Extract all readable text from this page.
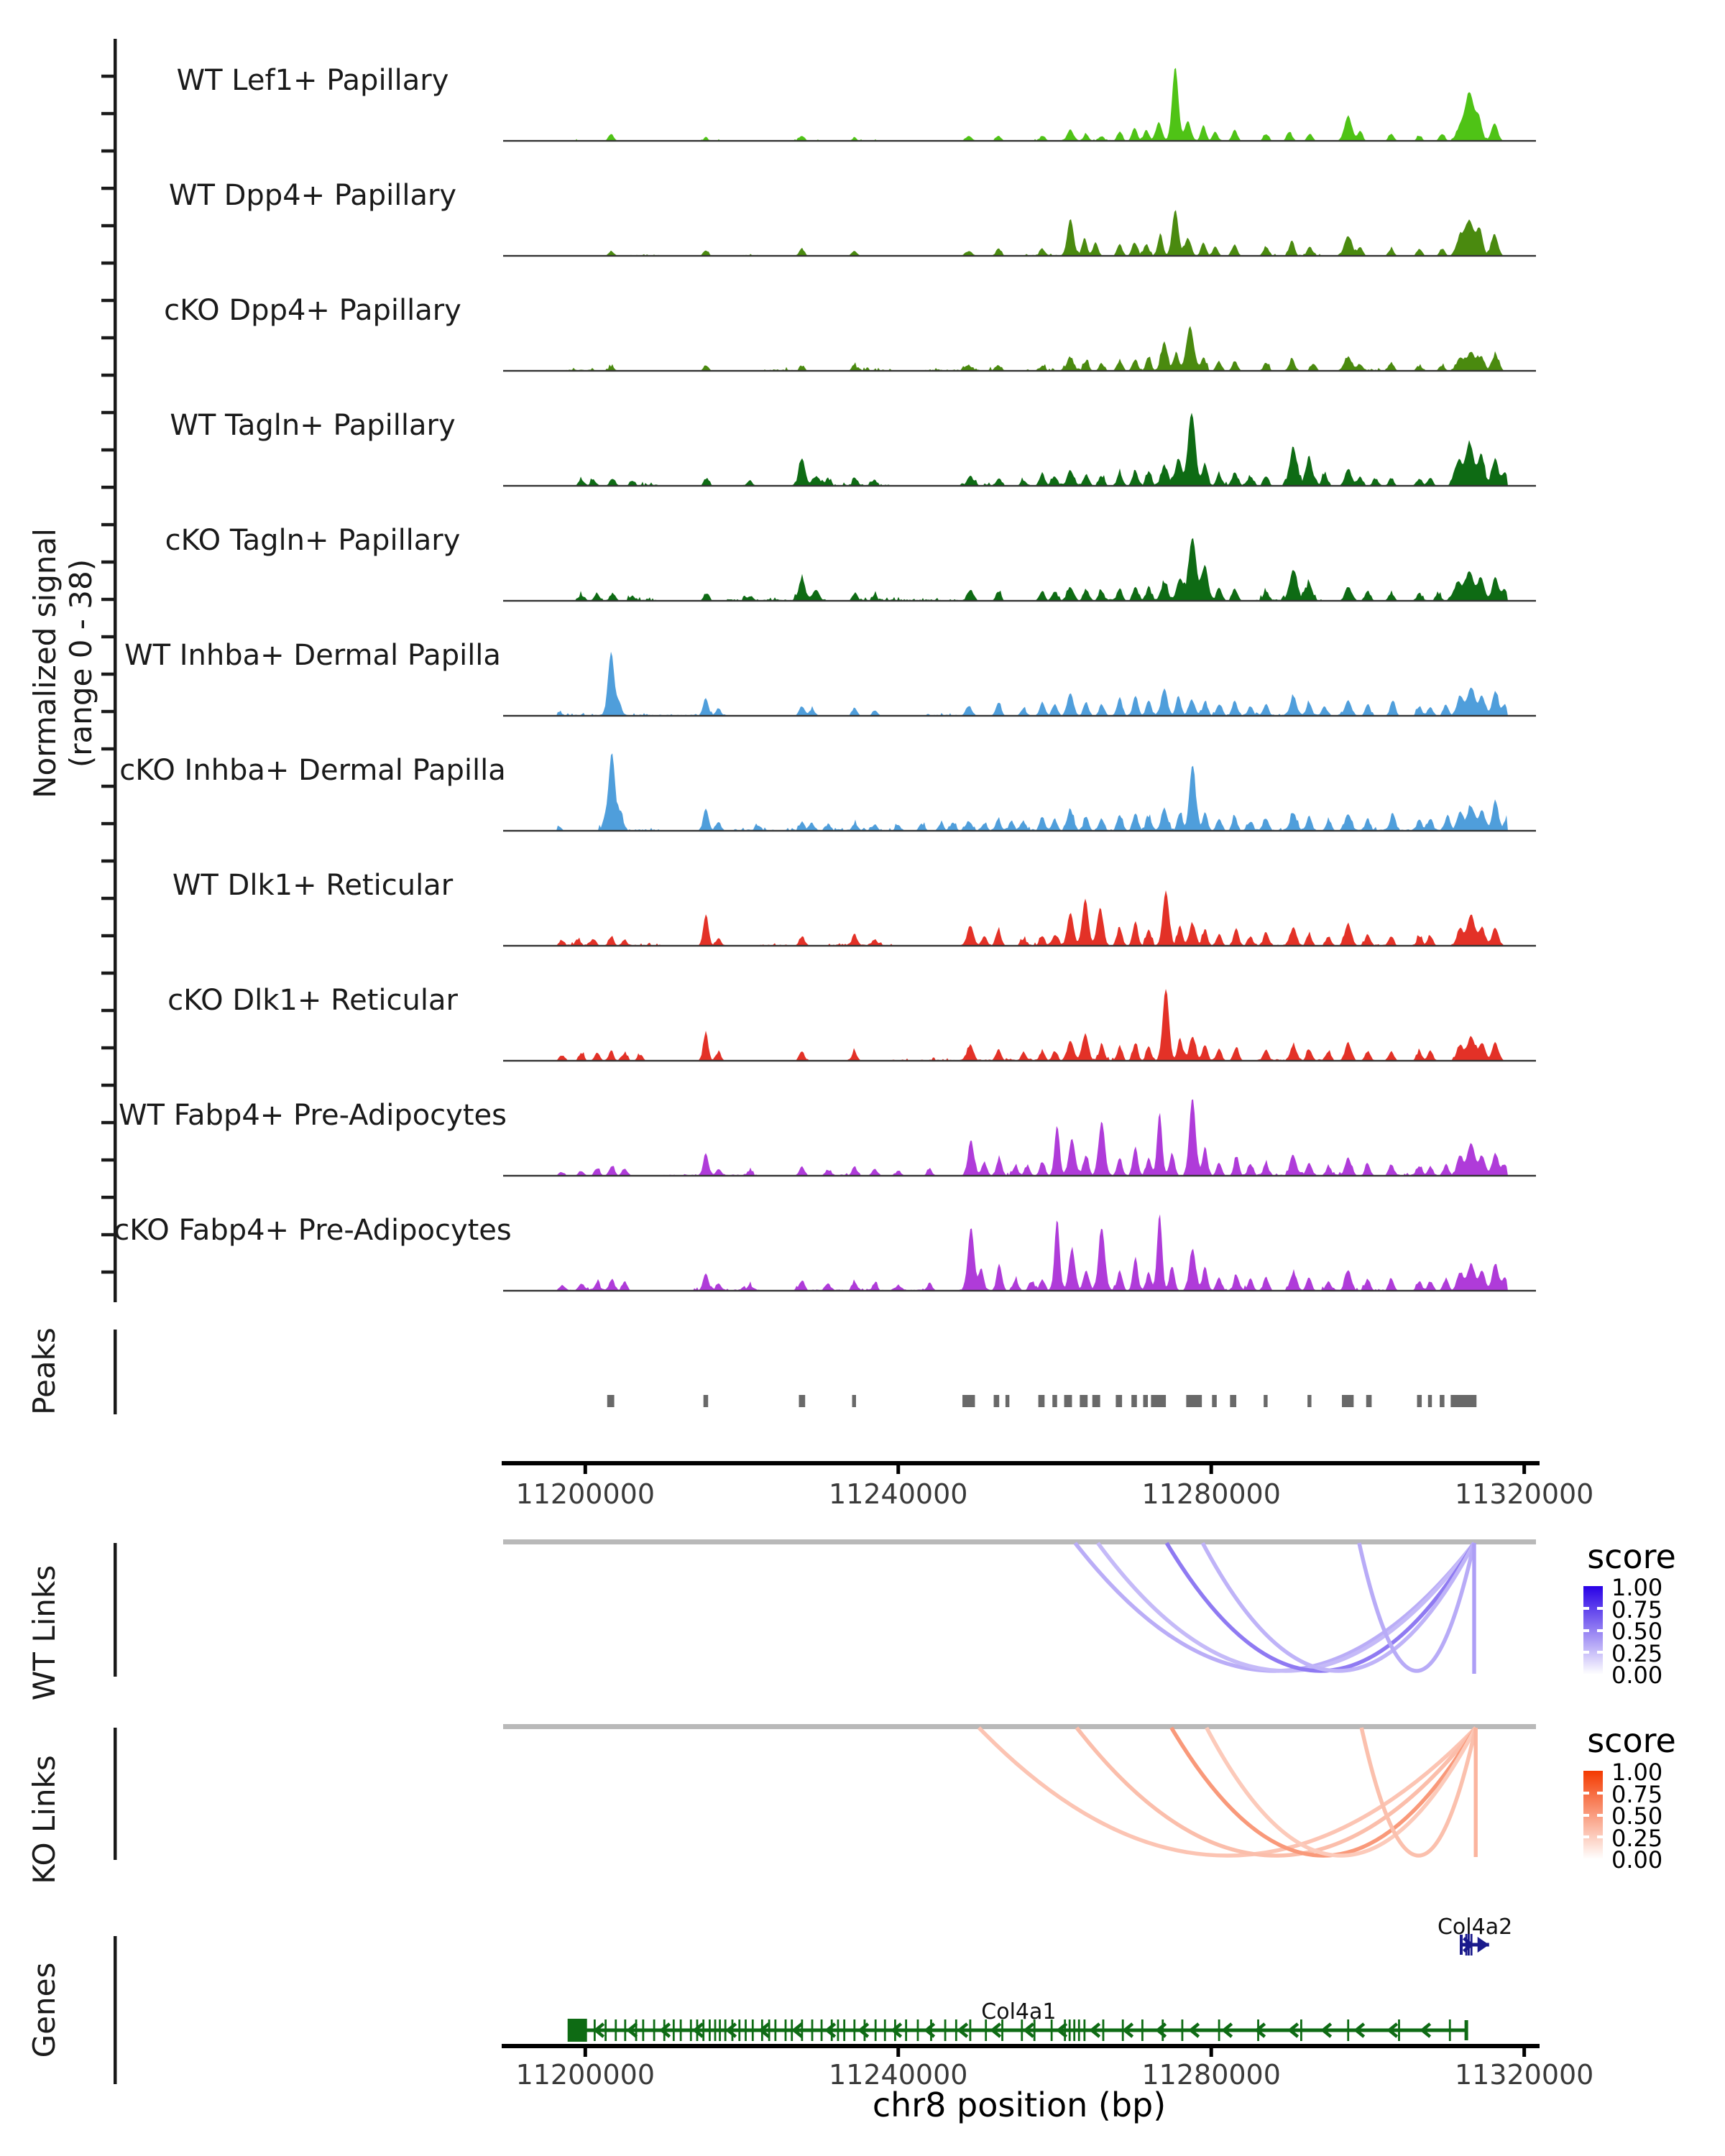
Normalized signal (range 0 - 38)
Peaks
WT Links
KO Links
Genes
score
score
chr8 position (bp)
WT Lef1+ Papillary
WT Dpp4+ Papillary
cKO Dpp4+ Papillary
WT Tagln+ Papillary
cKO Tagln+ Papillary
WT Inhba+ Dermal Papilla
cKO Inhba+ Dermal Papilla
WT Dlk1+ Reticular
cKO Dlk1+ Reticular
WT Fabp4+ Pre-Adipocytes
cKO Fabp4+ Pre-Adipocytes
11200000
11200000
11240000
11240000
11280000
11280000
11320000
11320000
1.00
1.00
0.75
0.75
0.50
0.50
0.25
0.25
0.00
0.00
Col4a2
Col4a1
